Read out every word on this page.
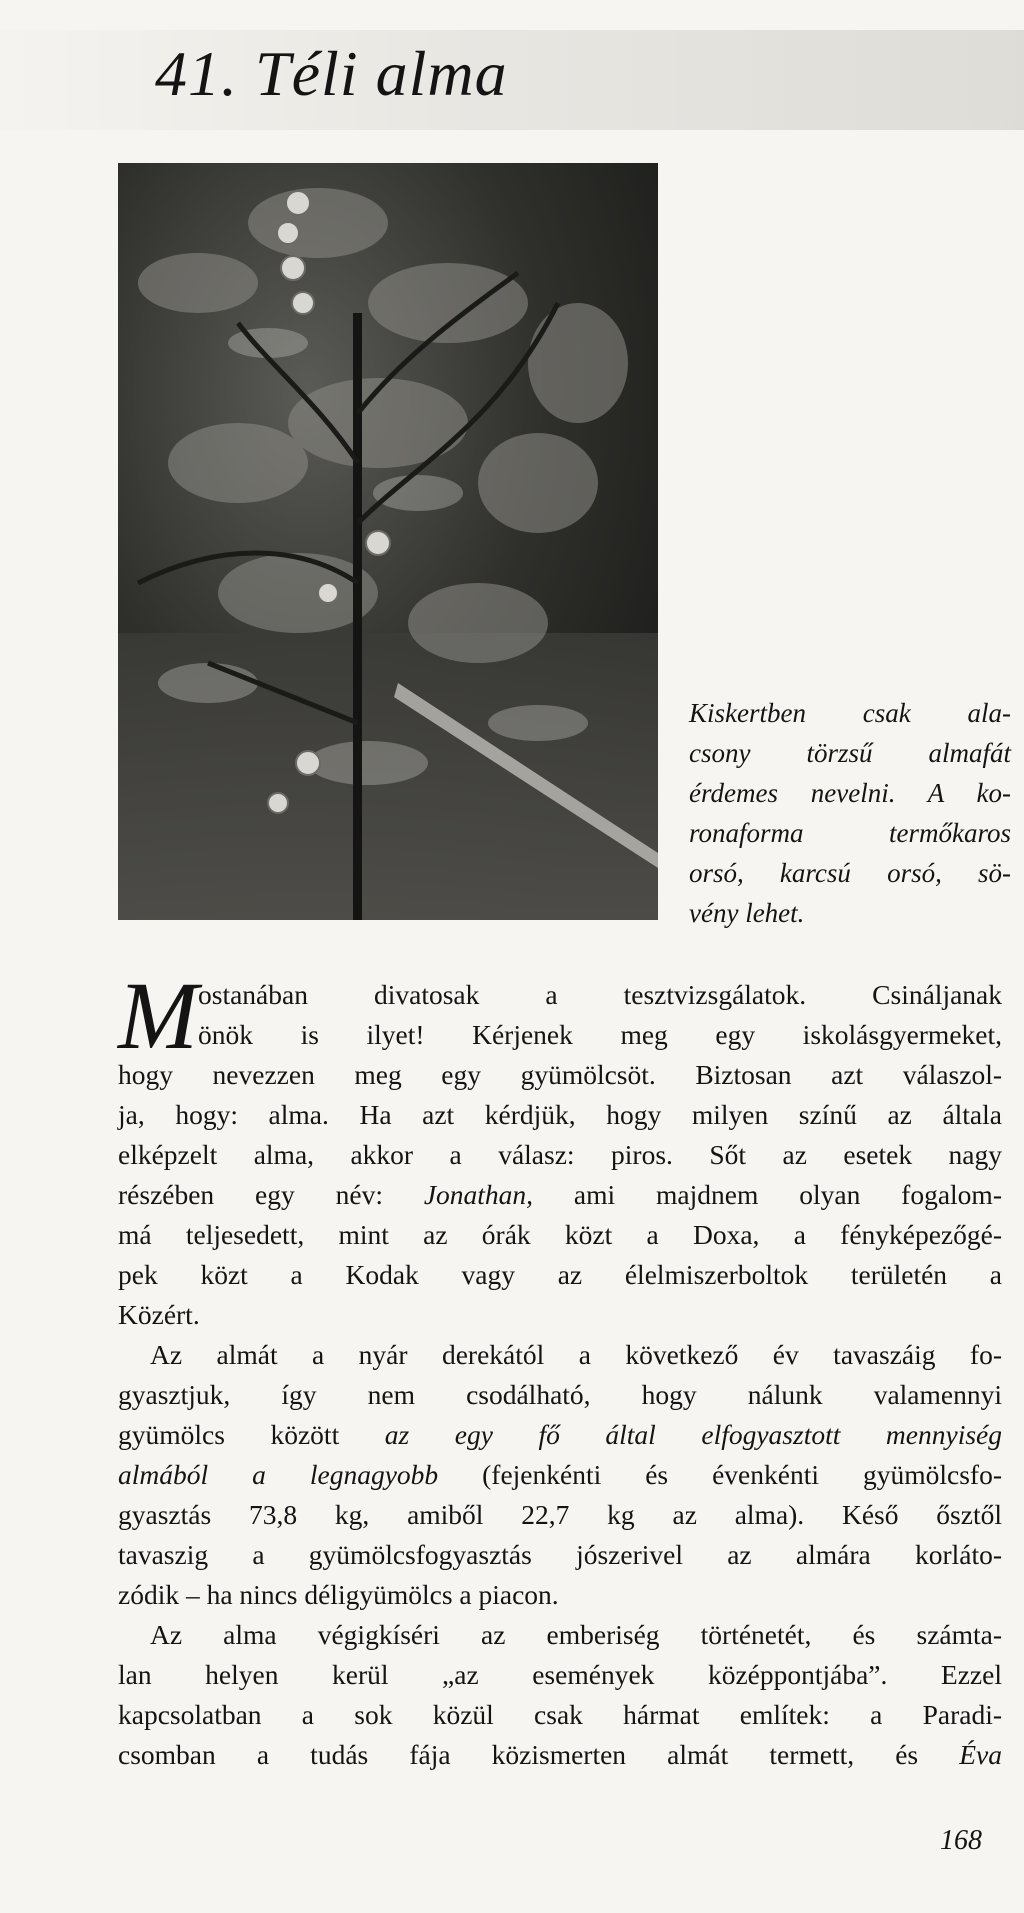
41. Téli alma
Kiskertben csak ala-
csony törzsű almafát
érdemes nevelni. A ko-
ronaforma termőkaros
orsó, karcsú orsó, sö-
vény lehet.
M ostanában divatosak a tesztvizsgálatok. Csináljanak
önök is ilyet! Kérjenek meg egy iskolásgyermeket,
hogy nevezzen meg egy gyümölcsöt. Biztosan azt válaszol-
ja, hogy: alma. Ha azt kérdjük, hogy milyen színű az általa
elképzelt alma, akkor a válasz: piros. Sőt az esetek nagy
részében egy név: Jonathan, ami majdnem olyan fogalom-
má teljesedett, mint az órák közt a Doxa, a fényképezőgé-
pek közt a Kodak vagy az élelmiszerboltok területén a
Közért.
Az almát a nyár derekától a következő év tavaszáig fo-
gyasztjuk, így nem csodálható, hogy nálunk valamennyi
gyümölcs között az egy fő által elfogyasztott mennyiség
almából a legnagyobb (fejenkénti és évenkénti gyümölcsfo-
gyasztás 73,8 kg, amiből 22,7 kg az alma). Késő ősztől
tavaszig a gyümölcsfogyasztás jószerivel az almára korláto-
zódik – ha nincs déligyümölcs a piacon.
Az alma végigkíséri az emberiség történetét, és számta-
lan helyen kerül „az események középpontjába”. Ezzel
kapcsolatban a sok közül csak hármat említek: a Paradi-
csomban a tudás fája közismerten almát termett, és Éva
168
